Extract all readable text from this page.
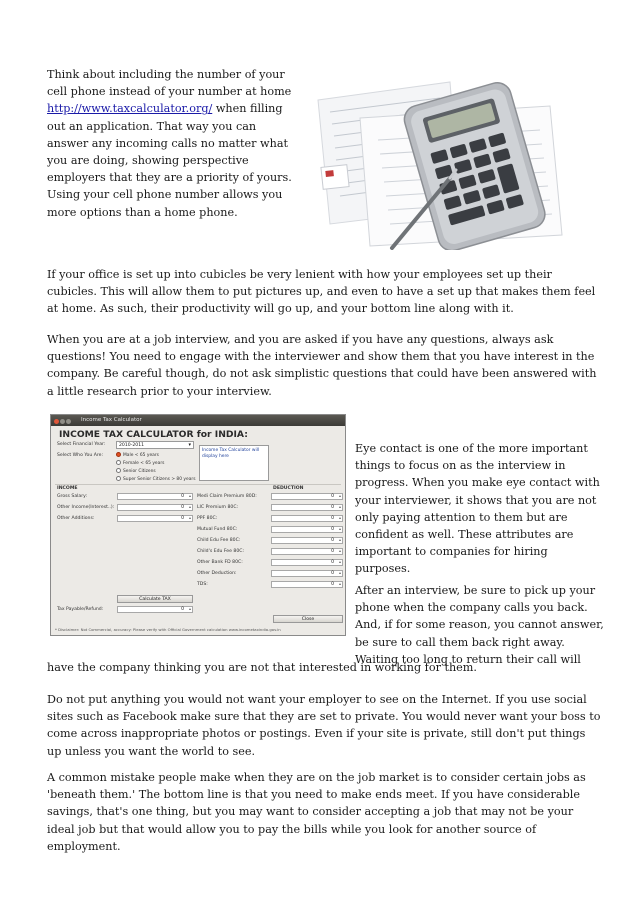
Think about including the number of your cell phone instead of your number at home http://www.taxcalculator.org/ when filling out an application. That way you can answer any incoming calls no matter what you are doing, showing perspective employers that they are a priority of yours. Using your cell phone number allows you more options than a home phone.
If your office is set up into cubicles be very lenient with how your employees set up their cubicles. This will allow them to put pictures up, and even to have a set up that makes them feel at home. As such, their productivity will go up, and your bottom line along with it.
When you are at a job interview, and you are asked if you have any questions, always ask questions! You need to engage with the interviewer and show them that you have interest in the company. Be careful though, do not ask simplistic questions that could have been answered with a little research prior to your interview.
Income Tax Calculator
INCOME TAX CALCULATOR for INDIA:
Select Financial Year:	2010-2011	▾
Select Who You Are:	Male < 65 years
Female < 65 years
Senior Citizens
Super Senior Citizens > 80 years
Income Tax Calculator will display here
INCOME	DEDUCTION
Gross Salary:	0 ▴
Other Income(Interest..):	0 ▴
Other Additions:	0 ▴
Medi Claim Premium 80D:	0 ▴
LIC Premium 80C:	0 ▴
PPF 80C:	0 ▴
Mutual Fund 80C:	0 ▴
Child Edu Fee 80C:	0 ▴
Child's Edu Fee 80C:	0 ▴
Other Bank FD 80C:	0 ▴
Other Deduction:	0 ▴
TDS:	0 ▴
Calculate TAX
Tax Payable/Refund:	0 ▴
Close
* Disclaimer: Not Commercial, accuracy: Please verify with Official Government calculation www.incometaxindia.gov.in
Eye contact is one of the more important things to focus on as the interview in progress. When you make eye contact with your interviewer, it shows that you are not only paying attention to them but are confident as well. These attributes are important to companies for hiring purposes.
After an interview, be sure to pick up your phone when the company calls you back. And, if for some reason, you cannot answer, be sure to call them back right away. Waiting too long to return their call will
have the company thinking you are not that interested in working for them.
Do not put anything you would not want your employer to see on the Internet. If you use social sites such as Facebook make sure that they are set to private. You would never want your boss to come across inappropriate photos or postings. Even if your site is private, still don't put things up unless you want the world to see.
A common mistake people make when they are on the job market is to consider certain jobs as 'beneath them.' The bottom line is that you need to make ends meet. If you have considerable savings, that's one thing, but you may want to consider accepting a job that may not be your ideal job but that would allow you to pay the bills while you look for another source of employment.
